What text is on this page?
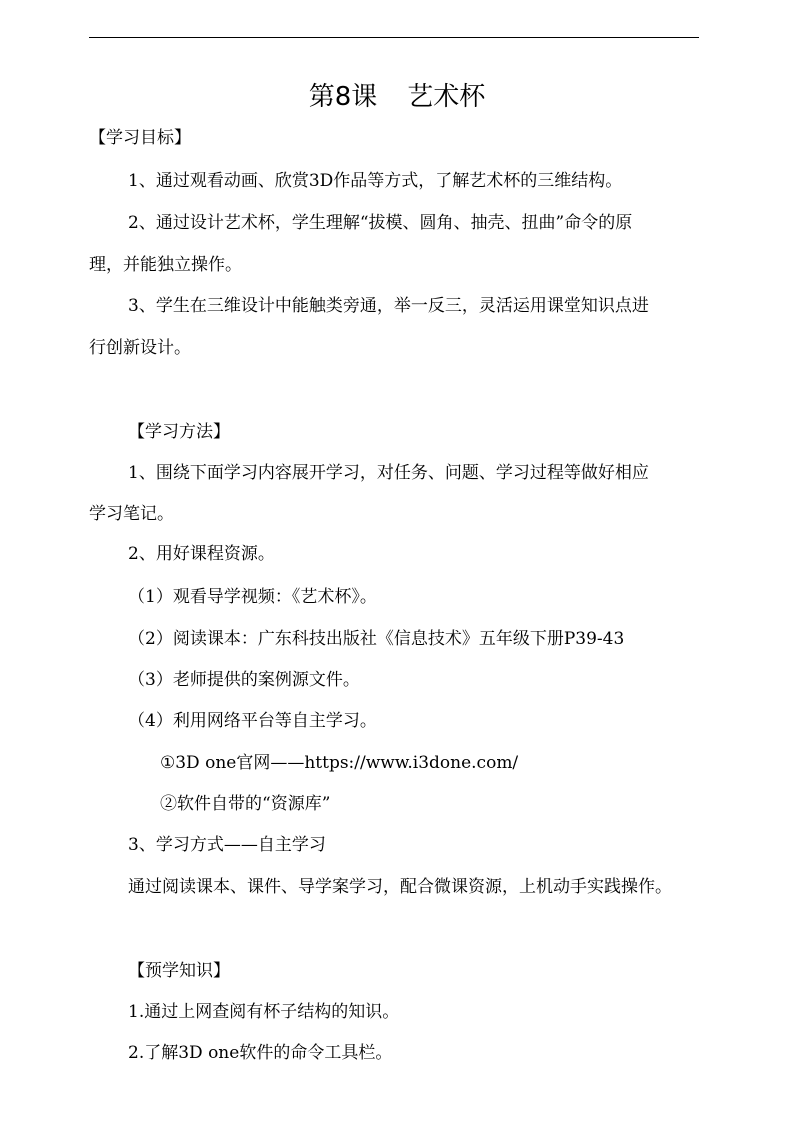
第8课 艺术杯
【学习目标】
1、通过观看动画、欣赏3D作品等方式，了解艺术杯的三维结构。
2、通过设计艺术杯，学生理解“拔模、圆角、抽壳、扭曲”命令的原
理，并能独立操作。
3、学生在三维设计中能触类旁通，举一反三，灵活运用课堂知识点进
行创新设计。
【学习方法】
1、围绕下面学习内容展开学习，对任务、问题、学习过程等做好相应
学习笔记。
2、用好课程资源。
（1）观看导学视频：《艺术杯》。
（2）阅读课本：广东科技出版社《信息技术》五年级下册P39-43
（3）老师提供的案例源文件。
（4）利用网络平台等自主学习。
①3D one官网——https://www.i3done.com/
②软件自带的“资源库”
3、学习方式——自主学习
通过阅读课本、课件、导学案学习，配合微课资源，上机动手实践操作。
【预学知识】
1.通过上网查阅有杯子结构的知识。
2.了解3D one软件的命令工具栏。
